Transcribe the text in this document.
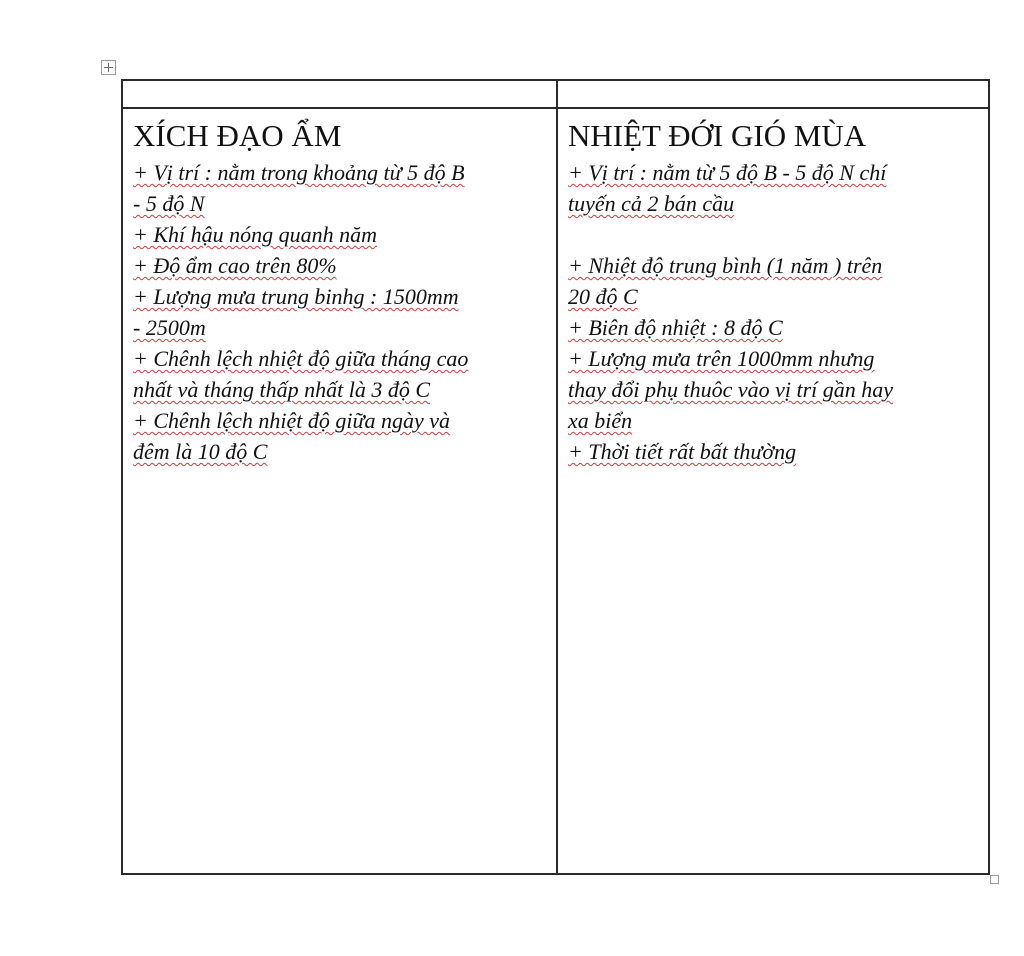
XÍCH ĐẠO ẨM
+ Vị trí : nằm trong khoảng từ 5 độ B
- 5 độ N
+ Khí hậu nóng quanh năm
+ Độ ẩm cao trên 80%
+ Lượng mưa trung binhg : 1500mm
- 2500m
+ Chênh lệch nhiệt độ giữa tháng cao
nhất và tháng thấp nhất là 3 độ C
+ Chênh lệch nhiệt độ giữa ngày và
đêm là 10 độ C
NHIỆT ĐỚI GIÓ MÙA
+ Vị trí : nằm từ 5 độ B - 5 độ N chí
tuyến cả 2 bán cầu
+ Nhiệt độ trung bình (1 năm ) trên
20 độ C
+ Biên độ nhiệt : 8 độ C
+ Lượng mưa trên 1000mm nhưng
thay đổi phụ thuôc vào vị trí gần hay
xa biển
+ Thời tiết rất bất thường
